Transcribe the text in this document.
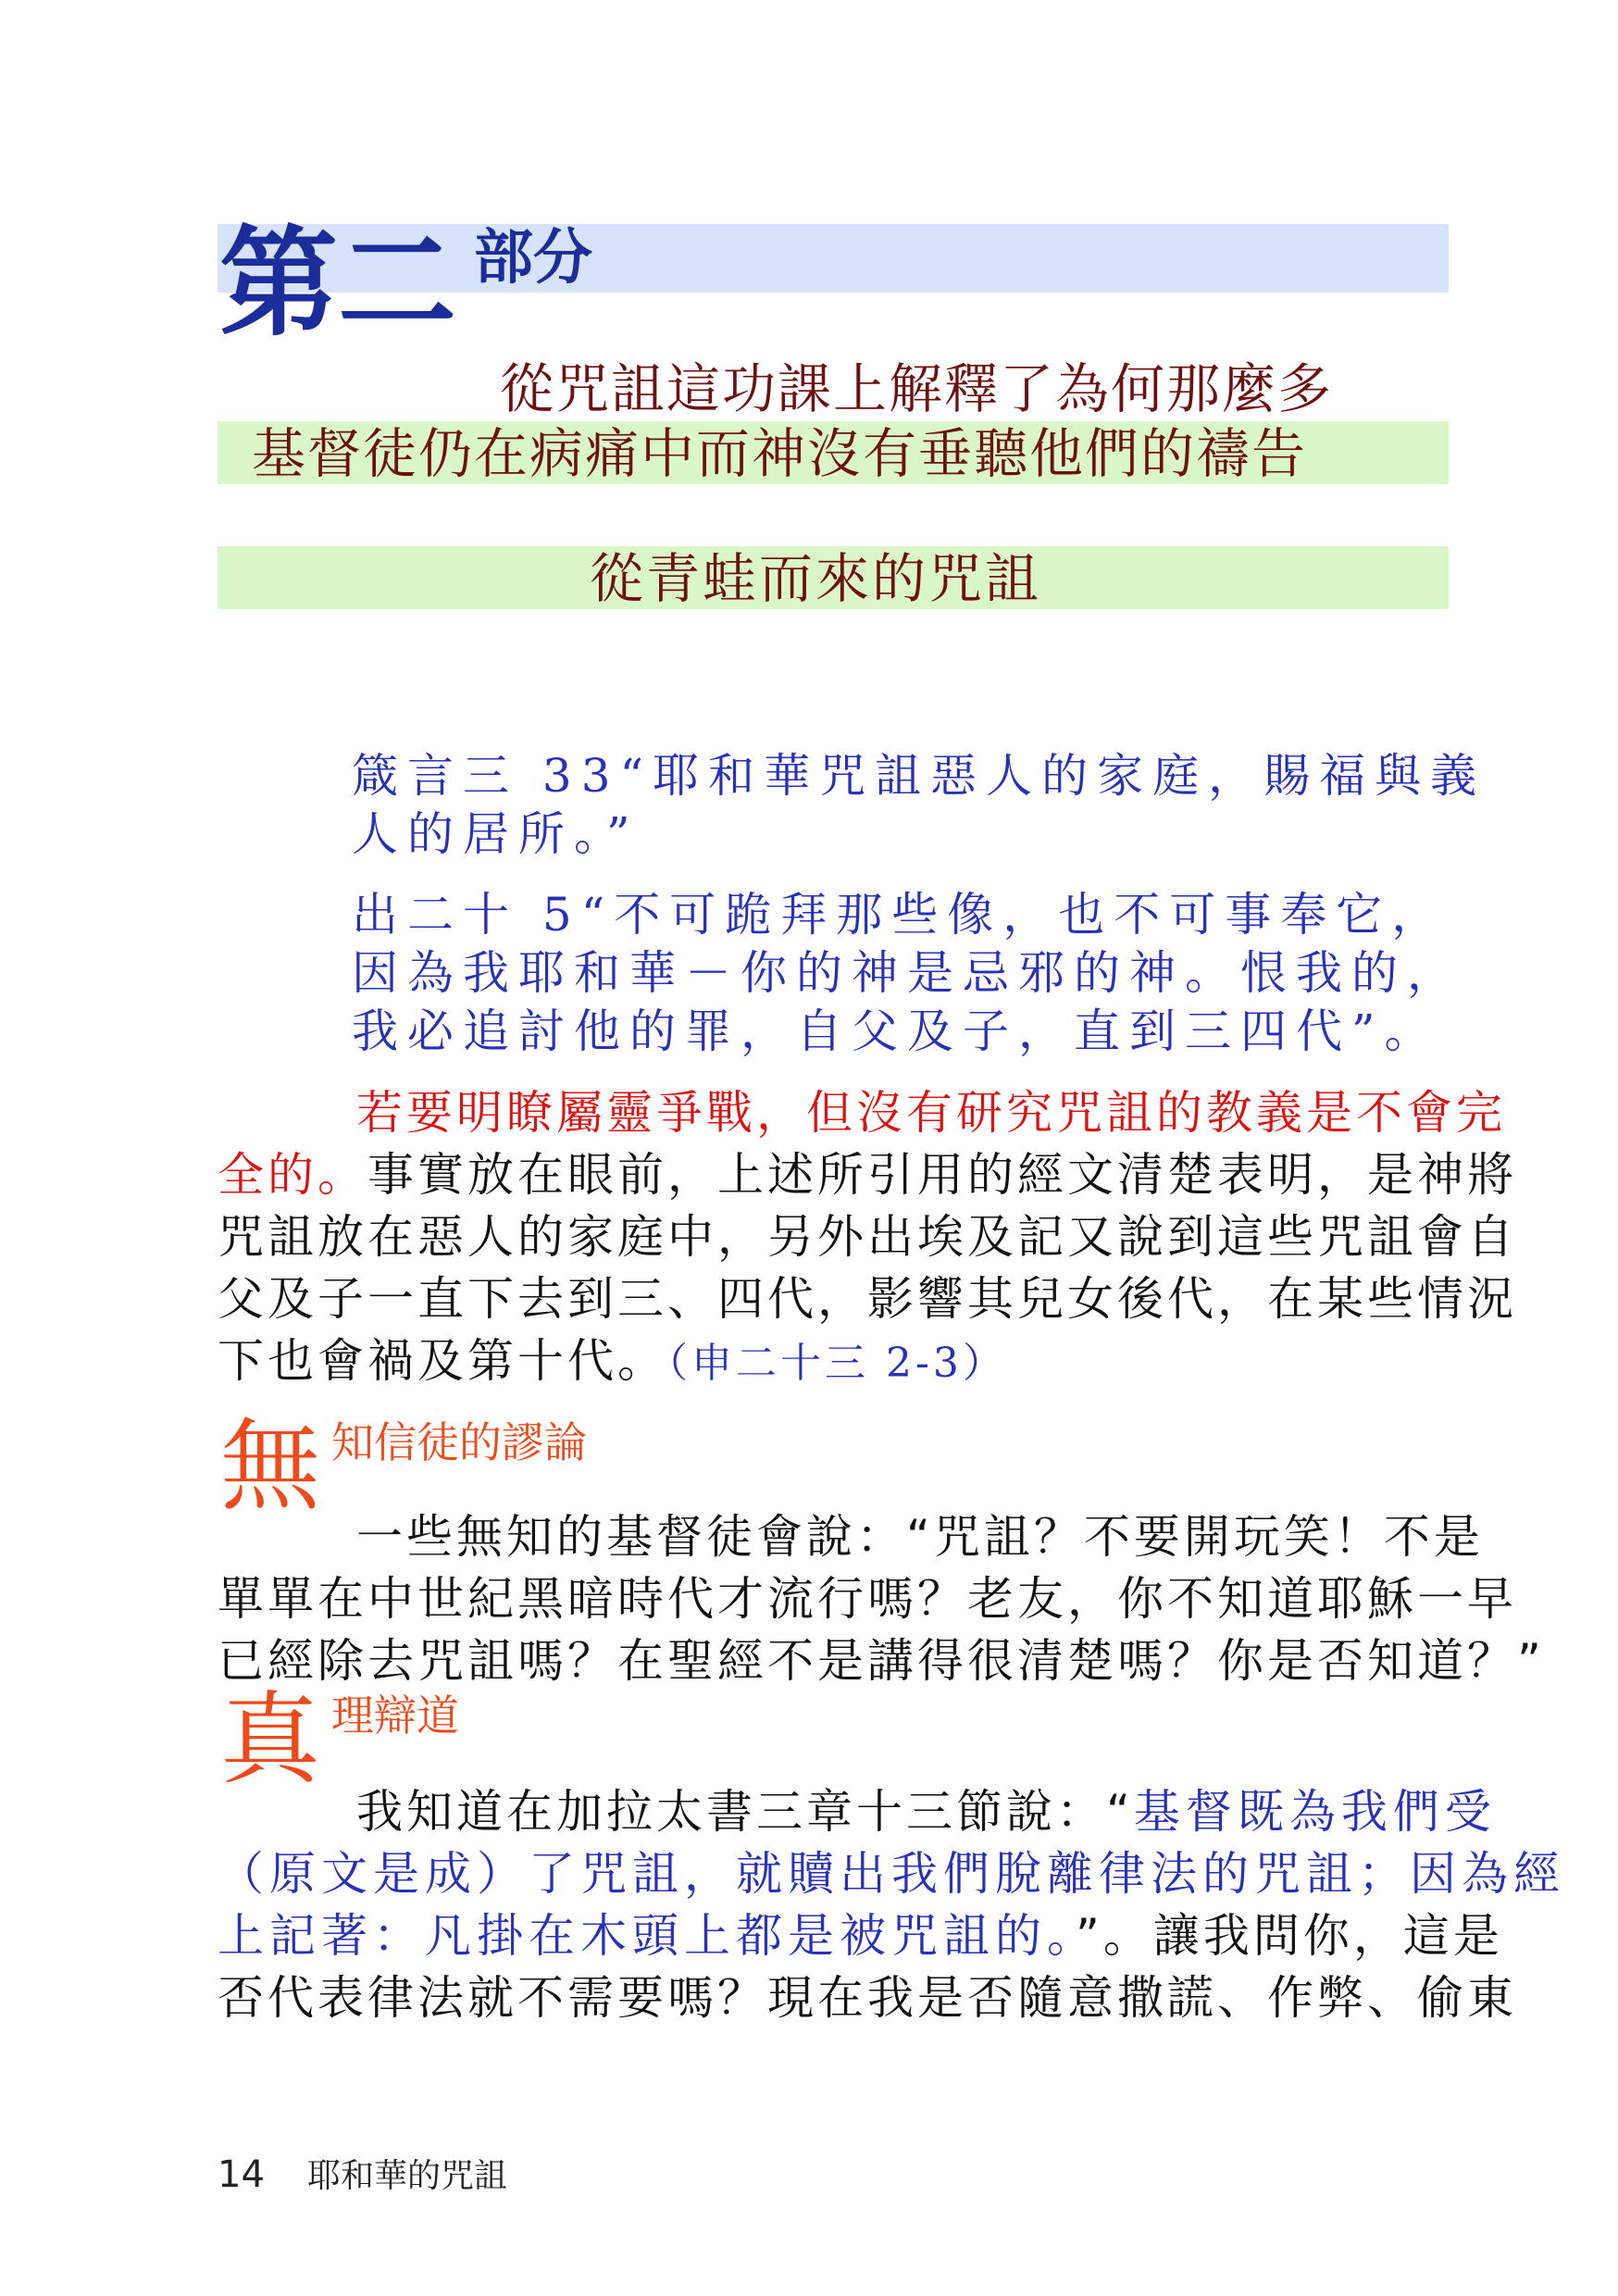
第二 部分
從咒詛這功課上解釋了為何那麼多
基督徒仍在病痛中而神沒有垂聽他們的禱告
從青蛙而來的咒詛
箴言三 33“耶和華咒詛惡人的家庭，賜福與義
人的居所。”
出二十 5“不可跪拜那些像，也不可事奉它，
因為我耶和華－你的神是忌邪的神。恨我的，
我必追討他的罪，自父及子，直到三四代”。
若要明瞭屬靈爭戰，但沒有研究咒詛的教義是不會完
全的。事實放在眼前，上述所引用的經文清楚表明，是神將
咒詛放在惡人的家庭中，另外出埃及記又說到這些咒詛會自
父及子一直下去到三、四代，影響其兒女後代，在某些情況
下也會禍及第十代。（申二十三 2-3）
無 知信徒的謬論
一些無知的基督徒會說：“咒詛？不要開玩笑！不是
單單在中世紀黑暗時代才流行嗎？老友，你不知道耶穌一早
已經除去咒詛嗎？在聖經不是講得很清楚嗎？你是否知道？”
真 理辯道
我知道在加拉太書三章十三節說：“基督既為我們受
（原文是成）了咒詛，就贖出我們脫離律法的咒詛；因為經
上記著：凡掛在木頭上都是被咒詛的。”。讓我問你，這是
否代表律法就不需要嗎？現在我是否隨意撒謊、作弊、偷東
14 耶和華的咒詛
